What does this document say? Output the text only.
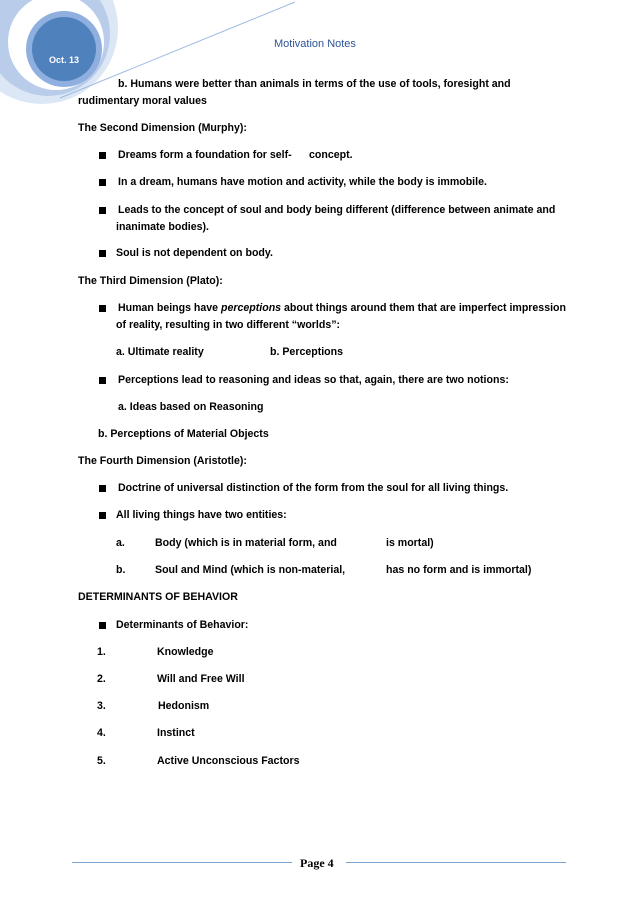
Oct. 13
Motivation Notes
b. Humans were better than animals in terms of the use of tools, foresight and
rudimentary moral values
The Second Dimension (Murphy):
Dreams form a foundation for self- concept.
In a dream, humans have motion and activity, while the body is immobile.
Leads to the concept of soul and body being different (difference between animate and
inanimate bodies).
Soul is not dependent on body.
The Third Dimension (Plato):
Human beings have perceptions about things around them that are imperfect impression
of reality, resulting in two different “worlds”:
a. Ultimate reality	b. Perceptions
Perceptions lead to reasoning and ideas so that, again, there are two notions:
a. Ideas based on Reasoning
b. Perceptions of Material Objects
The Fourth Dimension (Aristotle):
Doctrine of universal distinction of the form from the soul for all living things.
All living things have two entities:
a.	Body (which is in material form, and	is mortal)
b.	Soul and Mind (which is non-material,	has no form and is immortal)
DETERMINANTS OF BEHAVIOR
Determinants of Behavior:
1.	Knowledge
2.	Will and Free Will
3.	Hedonism
4.	Instinct
5.	Active Unconscious Factors
Page 4
